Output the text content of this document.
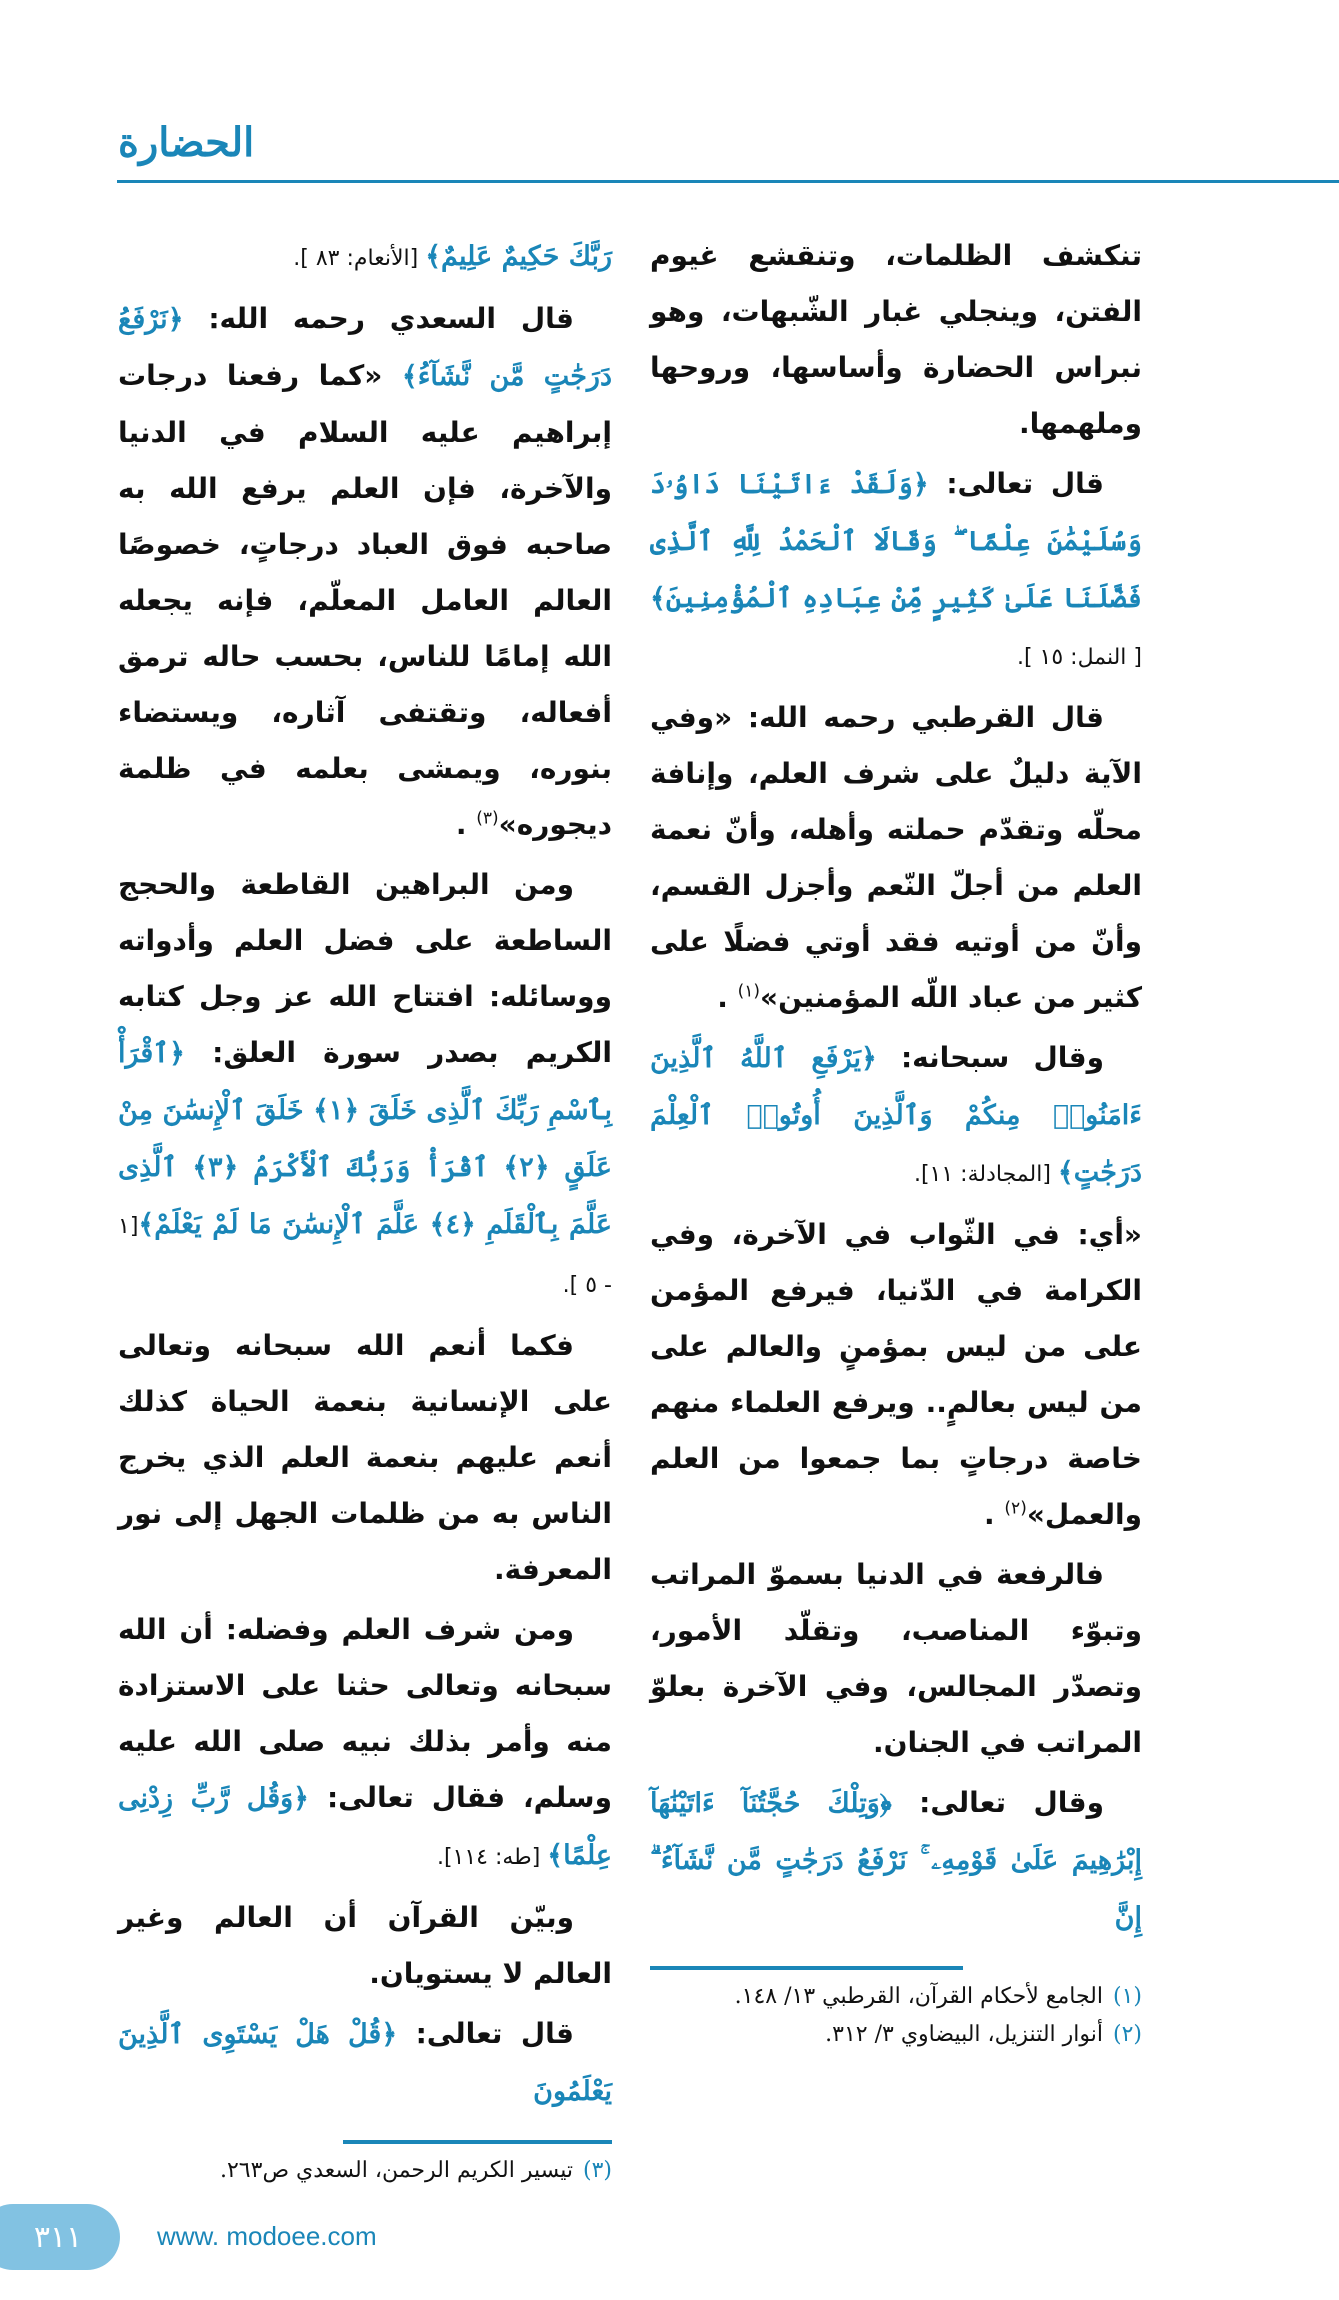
الحضارة

تنكشف الظلمات، وتنقشع غيوم الفتن، وينجلي غبار الشّبهات، وهو نبراس الحضارة وأساسها، وروحها وملهمها.

قال تعالى: ﴿وَلَقَدْ ءَاتَيْنَا دَاوُۥدَ وَسُلَيْمَٰنَ عِلْمًا ۖ وَقَالَا ٱلْحَمْدُ لِلَّهِ ٱلَّذِى فَضَّلَنَا عَلَىٰ كَثِيرٍ مِّنْ عِبَادِهِ ٱلْمُؤْمِنِينَ﴾[ النمل: ١٥ ].

قال القرطبي رحمه الله: «وفي الآية دليلٌ على شرف العلم، وإنافة محلّه وتقدّم حملته وأهله، وأنّ نعمة العلم من أجلّ النّعم وأجزل القسم، وأنّ من أوتيه فقد أوتي فضلًا على كثير من عباد اللّه المؤمنين»$^{(١)}$ .

وقال سبحانه: ﴿يَرْفَعِ ٱللَّهُ ٱلَّذِينَ ءَامَنُوا۟ مِنكُمْ وَٱلَّذِينَ أُوتُوا۟ ٱلْعِلْمَ دَرَجَٰتٍ﴾ [المجادلة: ١١].

«أي: في الثّواب في الآخرة، وفي الكرامة في الدّنيا، فيرفع المؤمن على من ليس بمؤمنٍ والعالم على من ليس بعالمٍ.. ويرفع العلماء منهم خاصة درجاتٍ بما جمعوا من العلم والعمل»$^{(٢)}$ .

فالرفعة في الدنيا بسموّ المراتب وتبوّء المناصب، وتقلّد الأمور، وتصدّر المجالس، وفي الآخرة بعلوّ المراتب في الجنان.

وقال تعالى: ﴿وَتِلْكَ حُجَّتُنَآ ءَاتَيْنَٰهَآ إِبْرَٰهِيمَ عَلَىٰ قَوْمِهِۦ ۚ نَرْفَعُ دَرَجَٰتٍ مَّن نَّشَآءُ ۗ إِنَّ

(١)الجامع لأحكام القرآن، القرطبي ١٣/ ١٤٨.
(٢)أنوار التنزيل، البيضاوي ٣/ ٣١٢.

رَبَّكَ حَكِيمٌ عَلِيمٌ﴾ [الأنعام: ٨٣ ].

قال السعدي رحمه الله: ﴿نَرْفَعُ دَرَجَٰتٍ مَّن نَّشَآءُ﴾ «كما رفعنا درجات إبراهيم عليه السلام في الدنيا والآخرة، فإن العلم يرفع الله به صاحبه فوق العباد درجاتٍ، خصوصًا العالم العامل المعلّم، فإنه يجعله الله إمامًا للناس، بحسب حاله ترمق أفعاله، وتقتفى آثاره، ويستضاء بنوره، ويمشى بعلمه في ظلمة ديجوره»$^{(٣)}$ .

ومن البراهين القاطعة والحجج الساطعة على فضل العلم وأدواته ووسائله: افتتاح الله عز وجل كتابه الكريم بصدر سورة العلق: ﴿ٱقْرَأْ بِٱسْمِ رَبِّكَ ٱلَّذِى خَلَقَ ﴿١﴾ خَلَقَ ٱلْإِنسَٰنَ مِنْ عَلَقٍ ﴿٢﴾ ٱقْرَأْ وَرَبُّكَ ٱلْأَكْرَمُ ﴿٣﴾ ٱلَّذِى عَلَّمَ بِٱلْقَلَمِ ﴿٤﴾ عَلَّمَ ٱلْإِنسَٰنَ مَا لَمْ يَعْلَمْ﴾[١ - ٥ ].

فكما أنعم الله سبحانه وتعالى على الإنسانية بنعمة الحياة كذلك أنعم عليهم بنعمة العلم الذي يخرج الناس به من ظلمات الجهل إلى نور المعرفة.

ومن شرف العلم وفضله: أن الله سبحانه وتعالى حثنا على الاستزادة منه وأمر بذلك نبيه صلى الله عليه وسلم، فقال تعالى: ﴿وَقُل رَّبِّ زِدْنِى عِلْمًا﴾ [طه: ١١٤].

وبيّن القرآن أن العالم وغير العالم لا يستويان.

قال تعالى: ﴿قُلْ هَلْ يَسْتَوِى ٱلَّذِينَ يَعْلَمُونَ

(٣)تيسير الكريم الرحمن، السعدي ص٢٦٣.
٣١١	www. modoee.com
